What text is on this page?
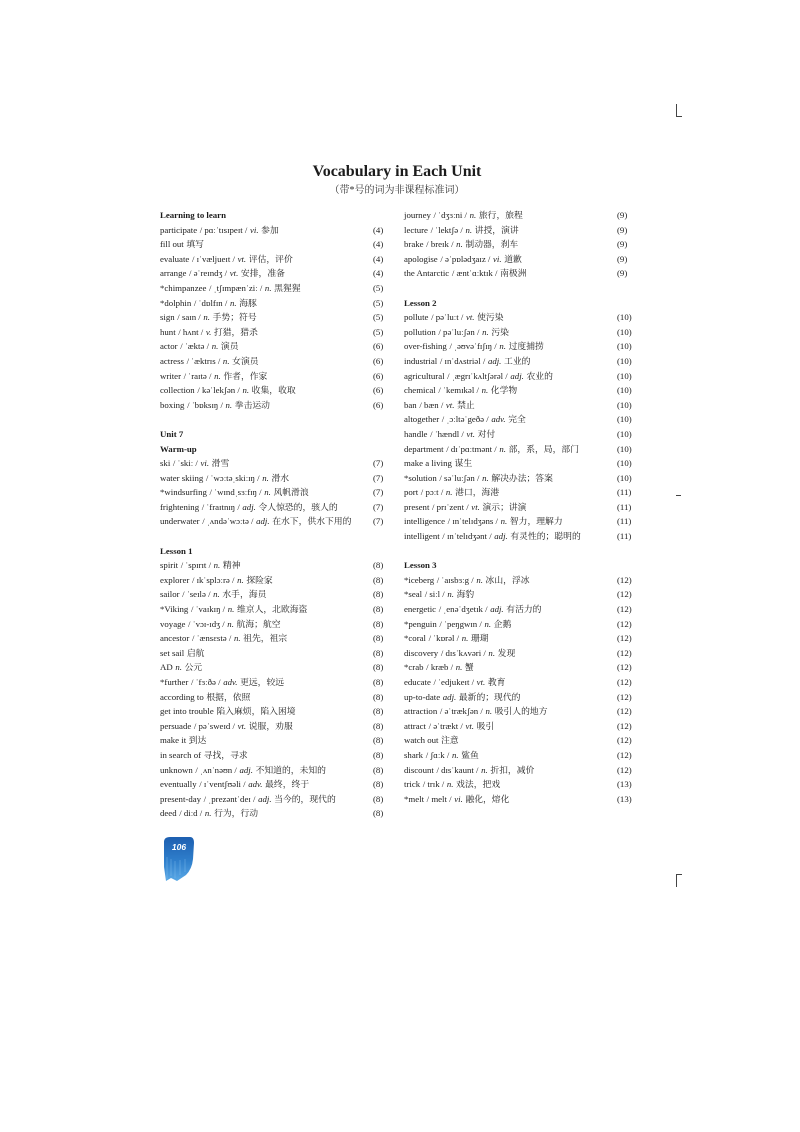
Vocabulary in Each Unit
（带*号的词为非课程标准词）
Learning to learn
participate / pɑːˈtɪsɪpeɪt / vi. 参加	(4)
fill out 填写	(4)
evaluate / ɪˈvæljueɪt / vt. 评估，评价	(4)
arrange / əˈreɪndʒ / vt. 安排，准备	(4)
*chimpanzee / ˌtʃɪmpænˈziː / n. 黑猩猩	(5)
*dolphin / ˈdɒlfɪn / n. 海豚	(5)
sign / saɪn / n. 手势；符号	(5)
hunt / hʌnt / v. 打猎，猎杀	(5)
actor / ˈæktə / n. 演员	(6)
actress / ˈæktrɪs / n. 女演员	(6)
writer / ˈraɪtə / n. 作者，作家	(6)
collection / kəˈlekʃən / n. 收集，收取	(6)
boxing / ˈbɒksɪŋ / n. 拳击运动	(6)
Unit 7
Warm-up
ski / ˈskiː / vi. 滑雪	(7)
water skiing / ˈwɔːtəˌskiːɪŋ / n. 滑水	(7)
*windsurfing / ˈwɪndˌsɜːfɪŋ / n. 风帆滑浪	(7)
frightening / ˈfraɪtnɪŋ / adj. 令人惊恐的，骇人的	(7)
underwater / ˌʌndəˈwɔːtə / adj. 在水下，供水下用的 (7)
Lesson 1
spirit / ˈspɪrɪt / n. 精神	(8)
explorer / ɪkˈsplɔːrə / n. 探险家	(8)
sailor / ˈseɪlə / n. 水手，海员	(8)
*Viking / ˈvaɪkɪŋ / n. 维京人，北欧海盗	(8)
voyage / ˈvɔɪ-ɪdʒ / n. 航海；航空	(8)
ancestor / ˈænsɛstə / n. 祖先，祖宗	(8)
set sail 启航	(8)
AD n. 公元	(8)
*further / ˈfɜːðə / adv. 更远，较远	(8)
according to 根据，依照	(8)
get into trouble 陷入麻烦，陷入困境	(8)
persuade / pəˈsweɪd / vt. 说服，劝服	(8)
make it 到达	(8)
in search of 寻找，寻求	(8)
unknown / ˌʌnˈnəʊn / adj. 不知道的，未知的	(8)
eventually / ɪˈventʃʊəli / adv. 最终，终于	(8)
present-day / ˌprezəntˈdeɪ / adj. 当今的，现代的	(8)
deed / diːd / n. 行为，行动	(8)
journey / ˈdʒɜːni / n. 旅行，旅程	(9)
lecture / ˈlektʃə / n. 讲授，演讲	(9)
brake / breɪk / n. 制动器，刹车	(9)
apologise / əˈpɒlədʒaɪz / vi. 道歉	(9)
the Antarctic / æntˈɑːktɪk / 南极洲	(9)
Lesson 2
pollute / pəˈluːt / vt. 使污染	(10)
pollution / pəˈluːʃən / n. 污染	(10)
over-fishing / ˌəʊvəˈfɪʃɪŋ / n. 过度捕捞	(10)
industrial / ɪnˈdʌstriəl / adj. 工业的	(10)
agricultural / ˌægrɪˈkʌltʃərəl / adj. 农业的	(10)
chemical / ˈkemɪkəl / n. 化学物	(10)
ban / bæn / vt. 禁止	(10)
altogether / ˌɔːltəˈgeðə / adv. 完全	(10)
handle / ˈhændl / vt. 对付	(10)
department / dɪˈpɑːtmənt / n. 部，系，局，部门	(10)
make a living 谋生	(10)
*solution / səˈluːʃən / n. 解决办法；答案	(10)
port / pɔːt / n. 港口，海港	(11)
present / prɪˈzent / vt. 演示；讲演	(11)
intelligence / ɪnˈtelɪdʒəns / n. 智力，理解力	(11)
intelligent / ɪnˈtelɪdʒənt / adj. 有灵性的；聪明的	(11)
Lesson 3
*iceberg / ˈaɪsbɜːg / n. 冰山，浮冰	(12)
*seal / siːl / n. 海豹	(12)
energetic / ˌenəˈdʒetɪk / adj. 有活力的	(12)
*penguin / ˈpeŋgwɪn / n. 企鹅	(12)
*coral / ˈkɒrəl / n. 珊瑚	(12)
discovery / dɪsˈkʌvəri / n. 发现	(12)
*crab / kræb / n. 蟹	(12)
educate / ˈedjukeɪt / vt. 教育	(12)
up-to-date adj. 最新的；现代的	(12)
attraction / əˈtrækʃən / n. 吸引人的地方	(12)
attract / əˈtrækt / vt. 吸引	(12)
watch out 注意	(12)
shark / ʃɑːk / n. 鲨鱼	(12)
discount / dɪsˈkaunt / n. 折扣，减价	(12)
trick / trɪk / n. 戏法，把戏	(13)
*melt / melt / vi. 融化，熔化	(13)
106
